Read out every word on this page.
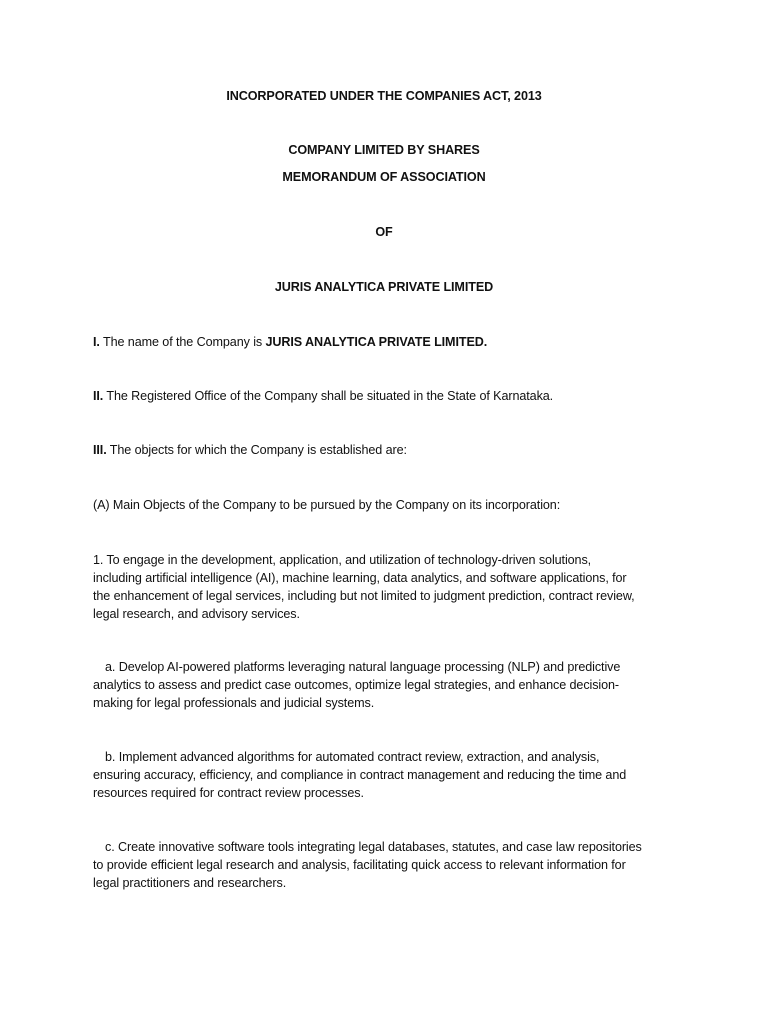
INCORPORATED UNDER THE COMPANIES ACT, 2013
COMPANY LIMITED BY SHARES
MEMORANDUM OF ASSOCIATION
OF
JURIS ANALYTICA PRIVATE LIMITED
I. The name of the Company is JURIS ANALYTICA PRIVATE LIMITED.
II. The Registered Office of the Company shall be situated in the State of Karnataka.
III. The objects for which the Company is established are:
(A) Main Objects of the Company to be pursued by the Company on its incorporation:
1. To engage in the development, application, and utilization of technology-driven solutions,
including artificial intelligence (AI), machine learning, data analytics, and software applications, for
the enhancement of legal services, including but not limited to judgment prediction, contract review,
legal research, and advisory services.
a. Develop AI-powered platforms leveraging natural language processing (NLP) and predictive
analytics to assess and predict case outcomes, optimize legal strategies, and enhance decision-
making for legal professionals and judicial systems.
b. Implement advanced algorithms for automated contract review, extraction, and analysis,
ensuring accuracy, efficiency, and compliance in contract management and reducing the time and
resources required for contract review processes.
c. Create innovative software tools integrating legal databases, statutes, and case law repositories
to provide efficient legal research and analysis, facilitating quick access to relevant information for
legal practitioners and researchers.
